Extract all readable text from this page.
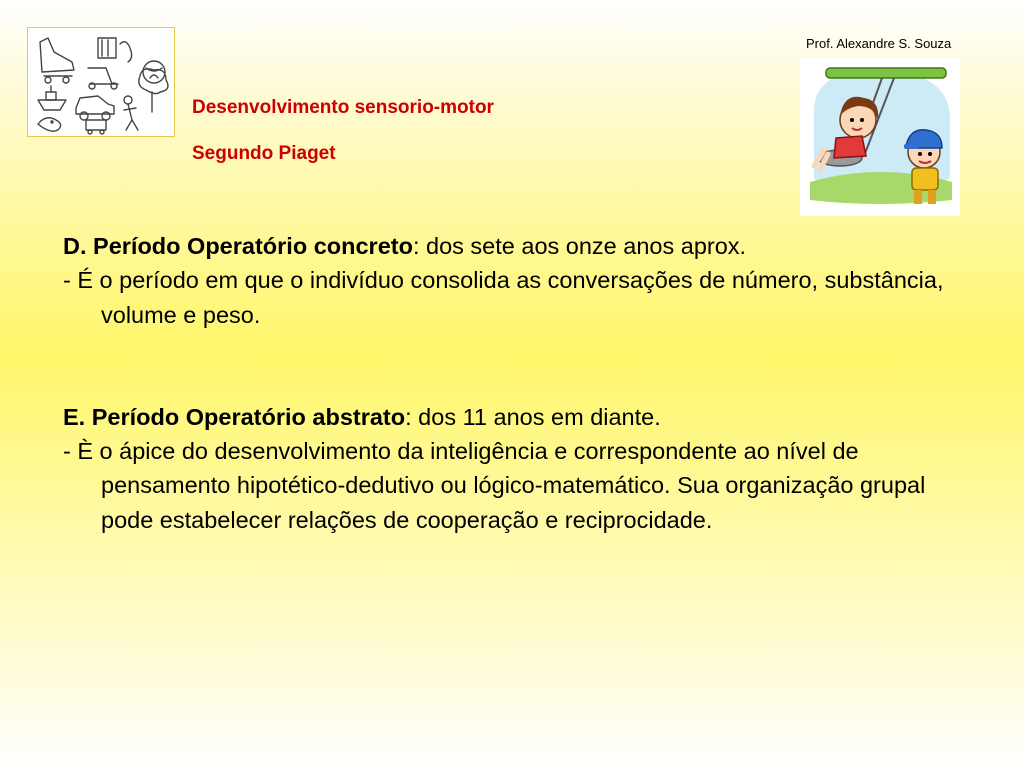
Prof. Alexandre S. Souza
Desenvolvimento sensorio-motor
Segundo Piaget

D. Período Operatório concreto: dos sete aos onze anos aprox.

- É o período em que o indivíduo consolida as conversações de número, substância, volume e peso.

E. Período Operatório abstrato: dos 11 anos em diante.

- È o ápice do desenvolvimento da inteligência e correspondente ao nível de pensamento hipotético-dedutivo ou lógico-matemático. Sua organização grupal pode estabelecer relações de cooperação e reciprocidade.
